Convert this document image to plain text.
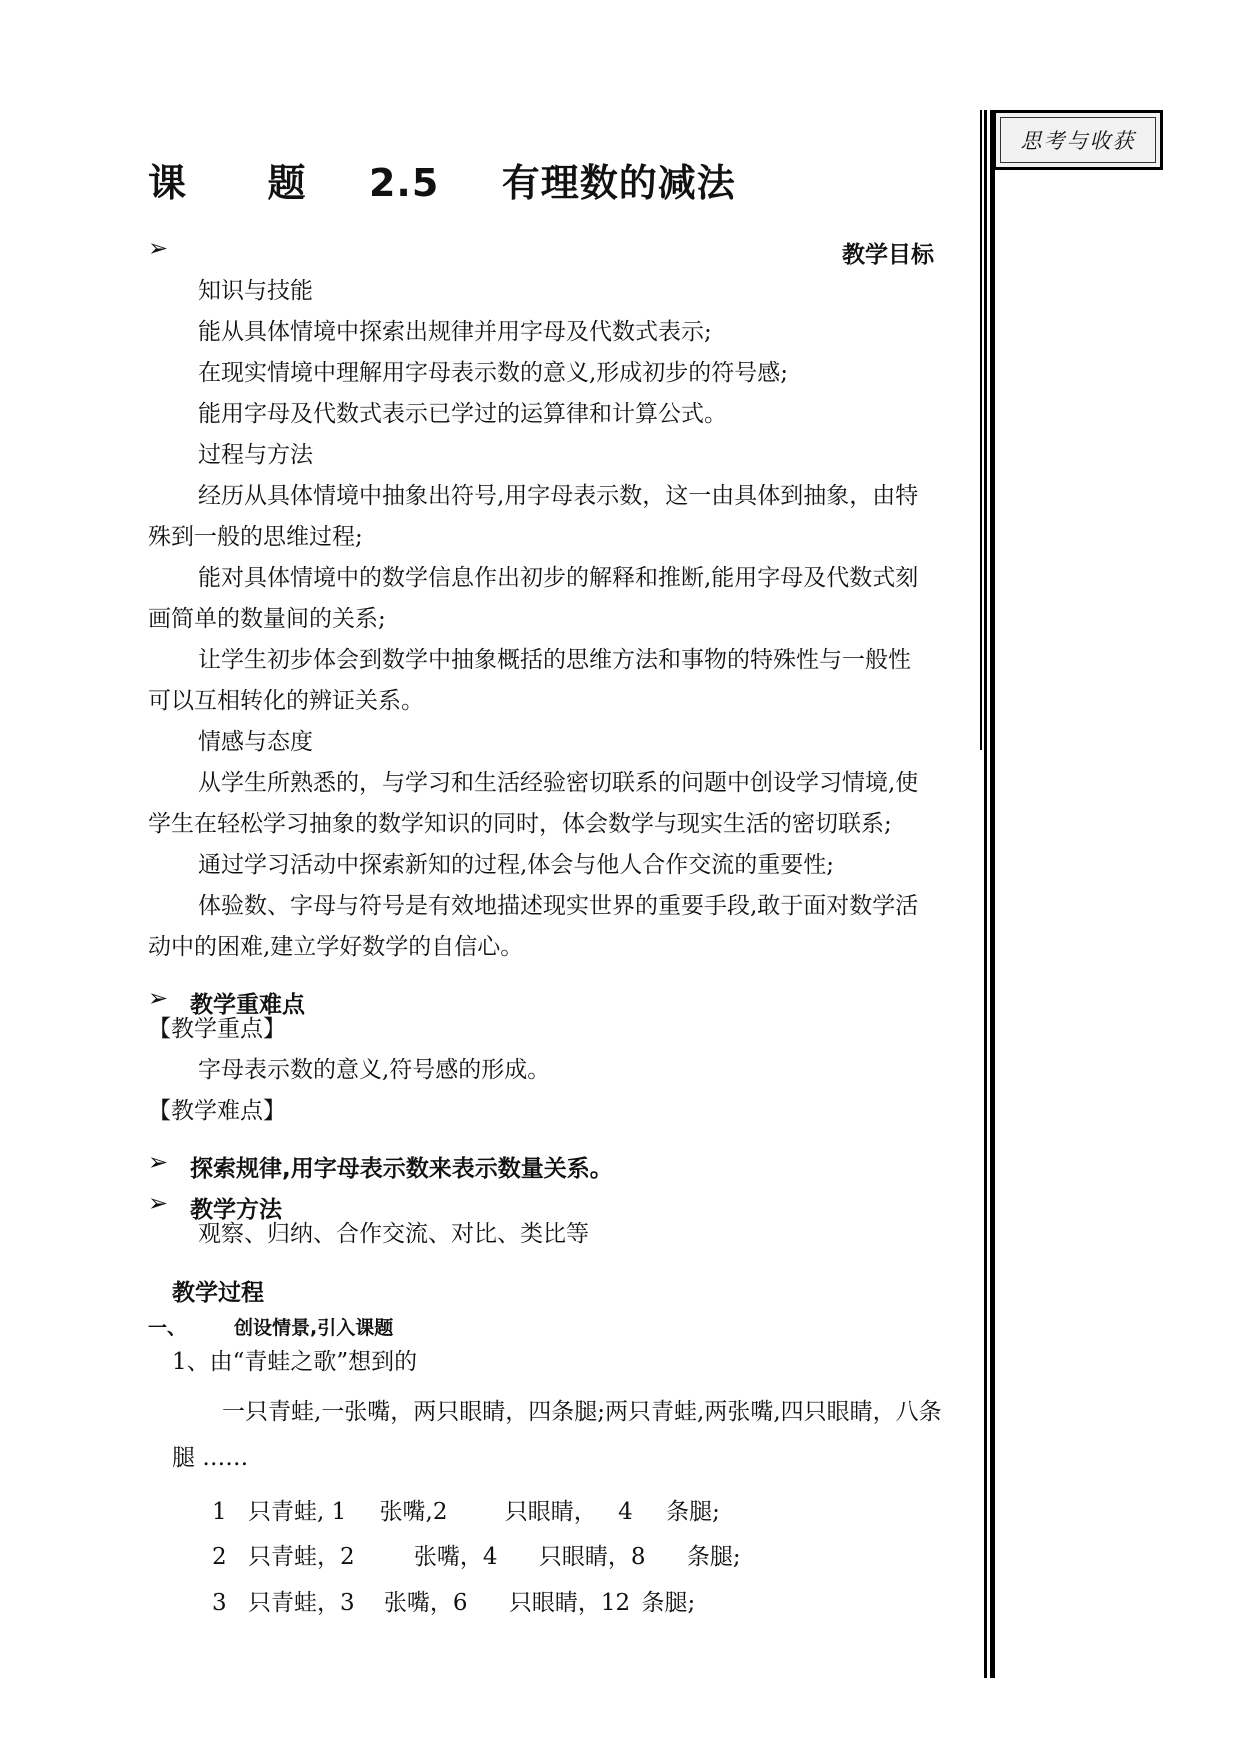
思考与收获
课 题 2.5 有理数的减法
➢	教学目标
知识与技能
能从具体情境中探索出规律并用字母及代数式表示;
在现实情境中理解用字母表示数的意义,形成初步的符号感;
能用字母及代数式表示已学过的运算律和计算公式。
过程与方法
经历从具体情境中抽象出符号,用字母表示数，这一由具体到抽象，由特
殊到一般的思维过程;
能对具体情境中的数学信息作出初步的解释和推断,能用字母及代数式刻
画简单的数量间的关系;
让学生初步体会到数学中抽象概括的思维方法和事物的特殊性与一般性
可以互相转化的辨证关系。
情感与态度
从学生所熟悉的，与学习和生活经验密切联系的问题中创设学习情境,使
学生在轻松学习抽象的数学知识的同时，体会数学与现实生活的密切联系;
通过学习活动中探索新知的过程,体会与他人合作交流的重要性;
体验数、字母与符号是有效地描述现实世界的重要手段,敢于面对数学活
动中的困难,建立学好数学的自信心。
➢ 教学重难点
【教学重点】
字母表示数的意义,符号感的形成。
【教学难点】
➢ 探索规律,用字母表示数来表示数量关系。
➢ 教学方法
观察、归纳、合作交流、对比、类比等
教学过程
一、	创设情景,引入课题
1、由“青蛙之歌”想到的
一只青蛙,一张嘴，两只眼睛，四条腿;两只青蛙,两张嘴,四只眼睛，八条
腿 ……
1 只青蛙, 1 张嘴,2 只眼睛， 4 条腿;
2 只青蛙，2	张嘴，4 只眼睛，8 条腿;
3 只青蛙，3 张嘴，6 只眼睛，12 条腿;
